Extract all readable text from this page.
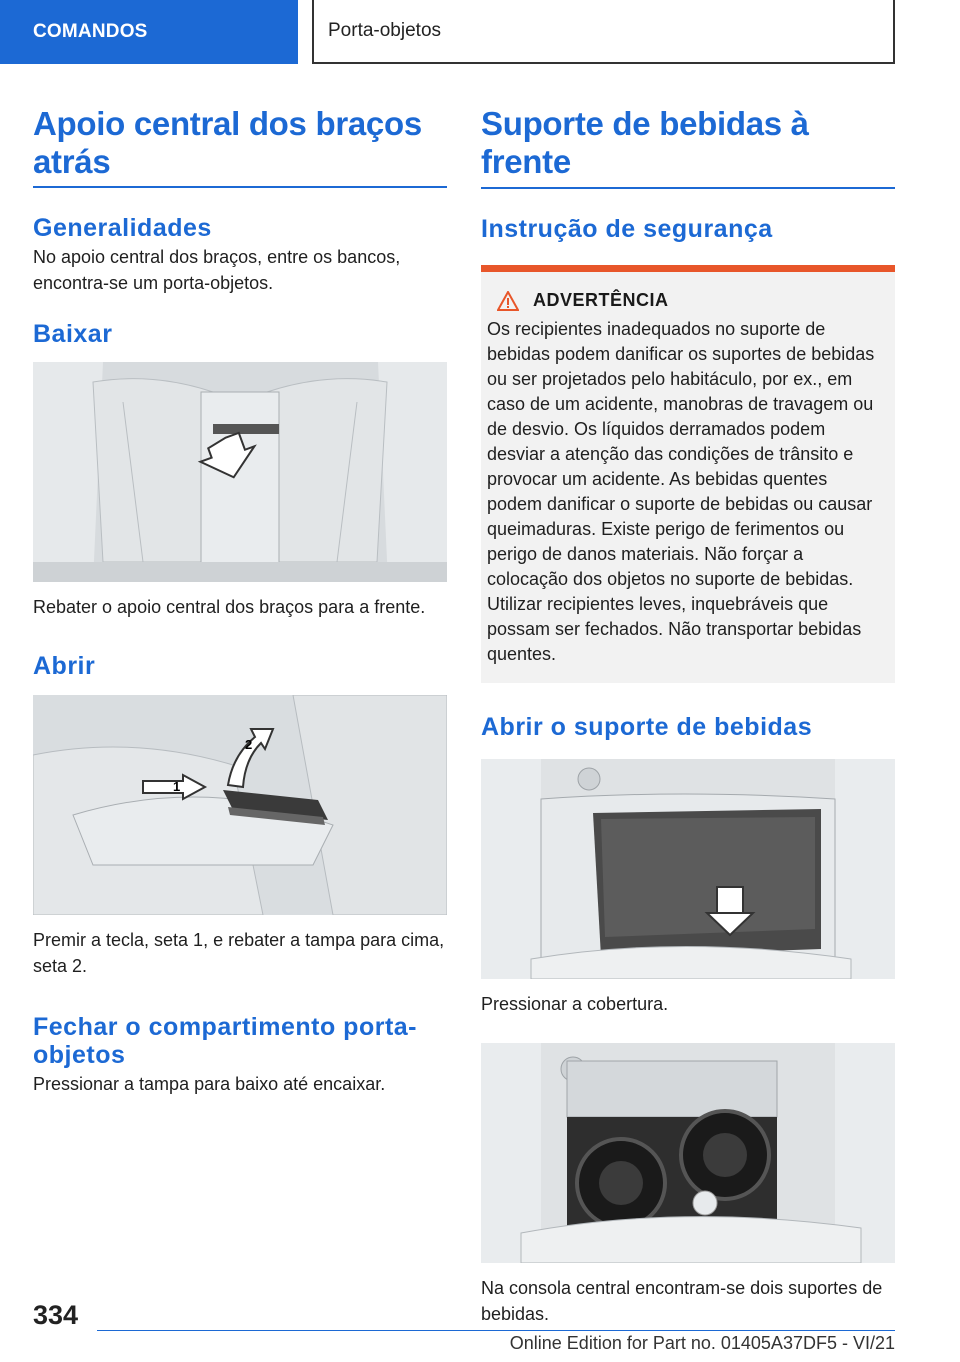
COMANDOS	Porta-objetos
Apoio central dos braços atrás
Generalidades

No apoio central dos braços, entre os bancos, encontra-se um porta-objetos.

Baixar

Rebater o apoio central dos braços para a frente.

Abrir
1
2

Premir a tecla, seta 1, e rebater a tampa para cima, seta 2.

Fechar o compartimento porta-objetos

Pressionar a tampa para baixo até encaixar.

Suporte de bebidas à frente
Instrução de segurança
ADVERTÊNCIA

Os recipientes inadequados no suporte de bebidas podem danificar os suportes de bebidas ou ser projetados pelo habitáculo, por ex., em caso de um acidente, manobras de travagem ou de desvio. Os líquidos derramados podem desviar a atenção das condições de trânsito e provocar um acidente. As bebidas quentes podem danificar o suporte de bebidas ou causar queimaduras. Existe perigo de ferimentos ou perigo de danos materiais. Não forçar a colocação dos objetos no suporte de bebidas. Utilizar recipientes leves, inquebráveis que possam ser fechados. Não transportar bebidas quentes.

Abrir o suporte de bebidas

Pressionar a cobertura.

Na consola central encontram-se dois suportes de bebidas.

334
Online Edition for Part no. 01405A37DF5 - VI/21
